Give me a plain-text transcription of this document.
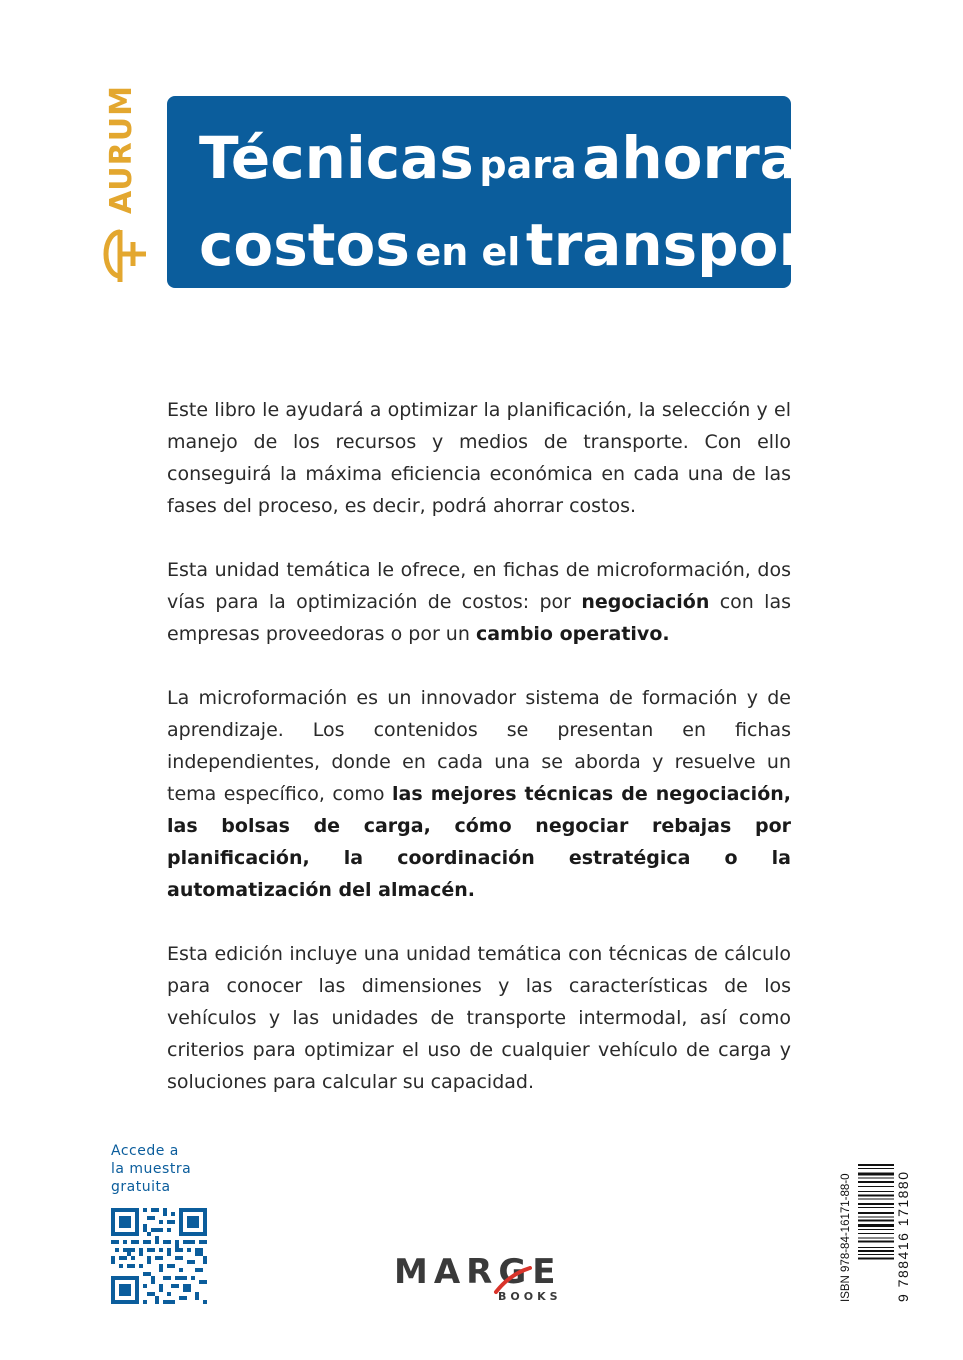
AURUM Técnicas para ahorrar
costos en el transporte

Este libro le ayudará a optimizar la planificación, la selección y el manejo de los recursos y medios de transporte. Con ello conseguirá la máxima eficiencia económica en cada una de las fases del proceso, es decir, podrá ahorrar costos.

Esta unidad temática le ofrece, en fichas de microformación, dos vías para la optimización de costos: por negociación con las empresas proveedoras o por un cambio operativo.

La microformación es un innovador sistema de formación y de aprendizaje. Los contenidos se presentan en fichas independientes, donde en cada una se aborda y resuelve un tema específico, como las mejores técnicas de negociación, las bolsas de carga, cómo negociar rebajas por planificación, la coordinación estratégica o la automatización del almacén.

Esta edición incluye una unidad temática con técnicas de cálculo para conocer las dimensiones y las características de los vehículos y las unidades de transporte intermodal, así como criterios para optimizar el uso de cualquier vehículo de carga y soluciones para calcular su capacidad.

Accede a
la muestra
gratuita
MARGE
BOOKS	ISBN 978-84-16171-88-0	9 788416 171880
